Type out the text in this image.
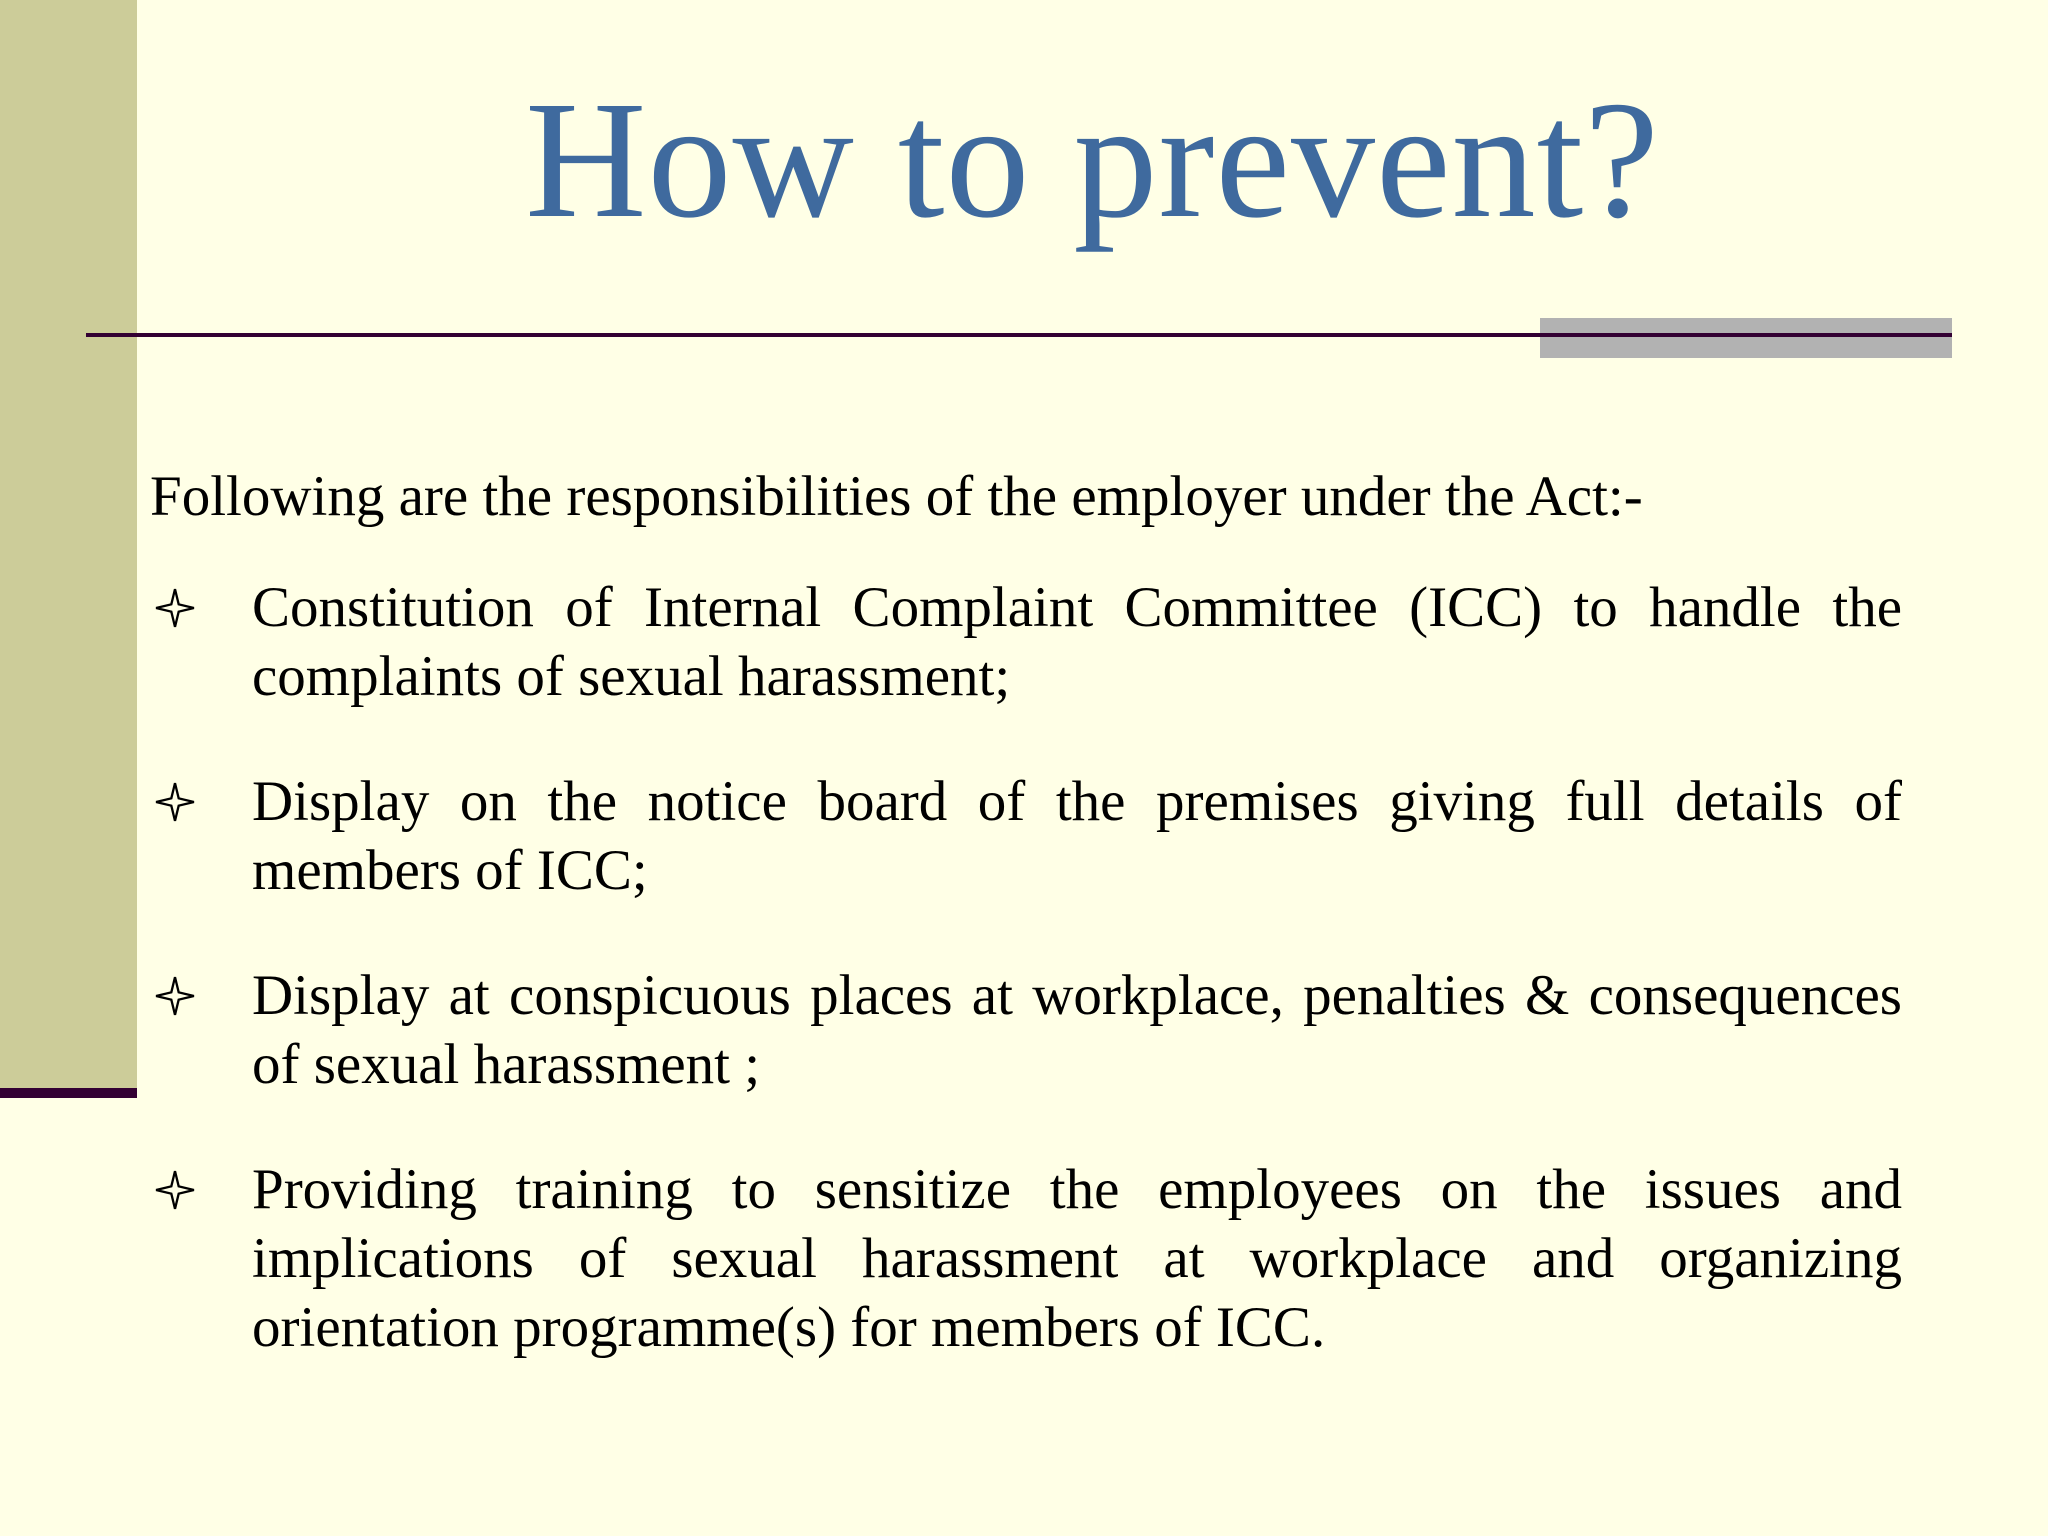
How to prevent?

Following are the responsibilities of the employer under the Act:-

Constitution of Internal Complaint Committee (ICC) to handle the complaints of sexual harassment;

Display on the notice board of the premises giving full details of members of ICC;

Display at conspicuous places at workplace, penalties & consequences of sexual harassment ;

Providing training to sensitize the employees on the issues and implications of sexual harassment at workplace and organizing orientation programme(s) for members of ICC.
